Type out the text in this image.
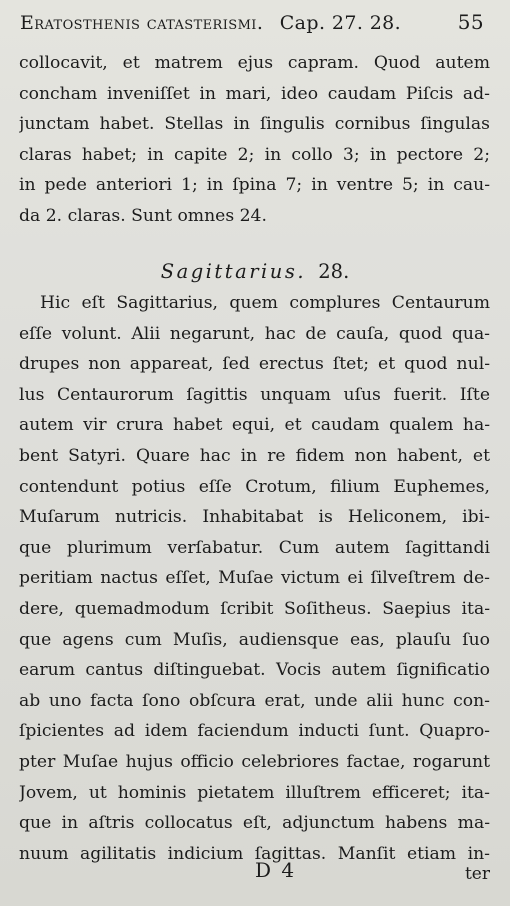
Eratosthenis catasterismi. Cap. 27. 28.	55
collocavit, et matrem ejus capram. Quod autem
concham inveniſſet in mari, ideo caudam Piſcis ad-
junctam habet. Stellas in ſingulis cornibus ſingulas
claras habet; in capite 2; in collo 3; in pectore 2;
in pede anteriori 1; in ſpina 7; in ventre 5; in cau-
da 2. claras. Sunt omnes 24.
Sagittarius. 28.
Hic eſt Sagittarius, quem complures Centaurum
eſſe volunt. Alii negarunt, hac de cauſa, quod qua-
drupes non appareat, ſed erectus ſtet; et quod nul-
lus Centaurorum ſagittis unquam uſus fuerit. Iſte
autem vir crura habet equi, et caudam qualem ha-
bent Satyri. Quare hac in re fidem non habent, et
contendunt potius eſſe Crotum, filium Euphemes,
Muſarum nutricis. Inhabitabat is Heliconem, ibi-
que plurimum verſabatur. Cum autem ſagittandi
peritiam nactus eſſet, Muſae victum ei ſilveſtrem de-
dere, quemadmodum ſcribit Soſitheus. Saepius ita-
que agens cum Muſis, audiensque eas, plauſu ſuo
earum cantus diſtinguebat. Vocis autem ſignificatio
ab uno facta ſono obſcura erat, unde alii hunc con-
ſpicientes ad idem faciendum inducti ſunt. Quapro-
pter Muſae hujus officio celebriores factae, rogarunt
Jovem, ut hominis pietatem illuſtrem efficeret; ita-
que in aſtris collocatus eſt, adjunctum habens ma-
nuum agilitatis indicium ſagittas. Manſit etiam in-
D 4	ter
